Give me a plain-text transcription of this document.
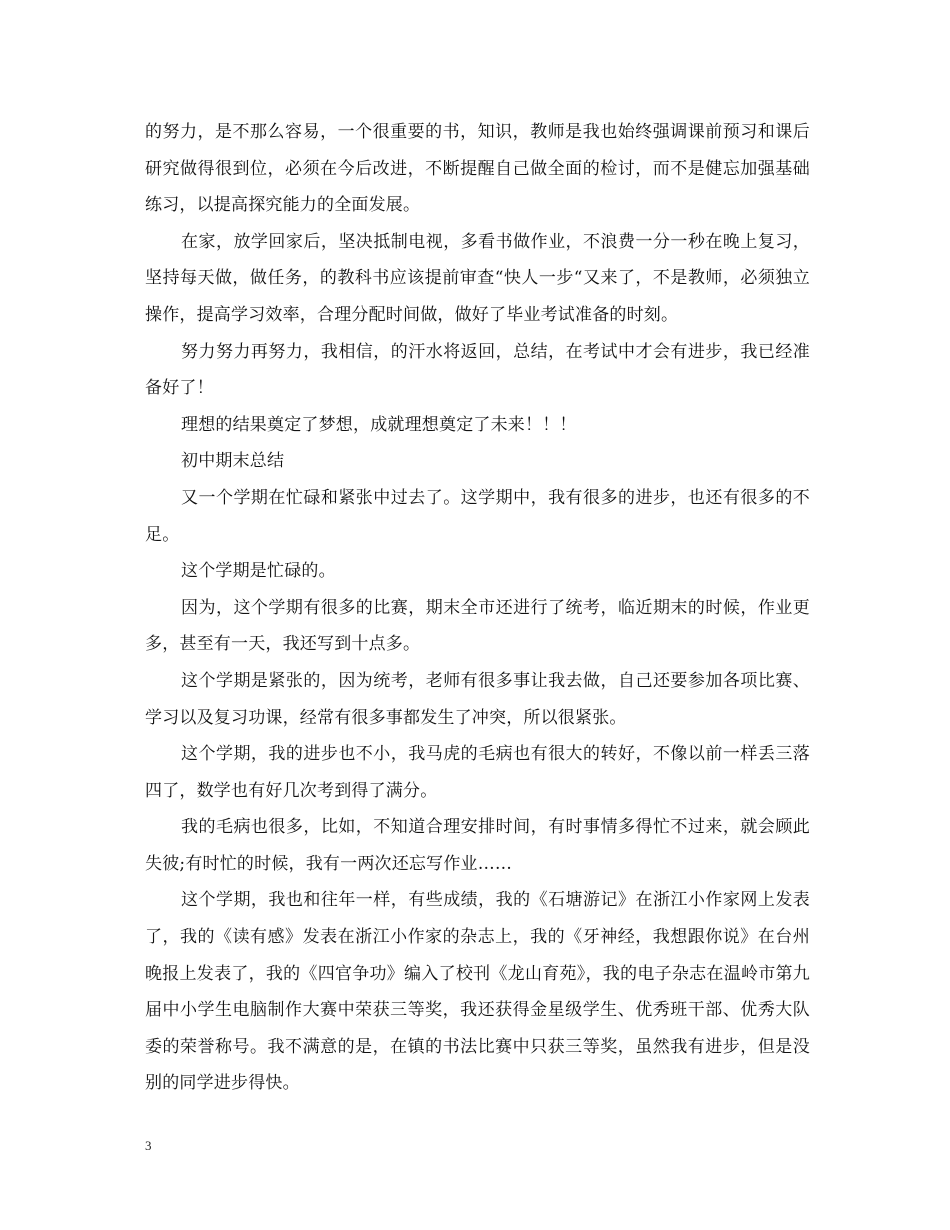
的努力，是不那么容易，一个很重要的书，知识，教师是我也始终强调课前预习和课后研究做得很到位，必须在今后改进，不断提醒自己做全面的检讨，而不是健忘加强基础练习，以提高探究能力的全面发展。

在家，放学回家后，坚决抵制电视，多看书做作业，不浪费一分一秒在晚上复习，坚持每天做，做任务，的教科书应该提前审查“快人一步“又来了，不是教师，必须独立操作，提高学习效率，合理分配时间做，做好了毕业考试准备的时刻。

努力努力再努力，我相信，的汗水将返回，总结，在考试中才会有进步，我已经准备好了！

理想的结果奠定了梦想，成就理想奠定了未来！！！

初中期末总结

又一个学期在忙碌和紧张中过去了。这学期中，我有很多的进步，也还有很多的不足。

这个学期是忙碌的。

因为，这个学期有很多的比赛，期末全市还进行了统考，临近期末的时候，作业更多，甚至有一天，我还写到十点多。

这个学期是紧张的，因为统考，老师有很多事让我去做，自己还要参加各项比赛、学习以及复习功课，经常有很多事都发生了冲突，所以很紧张。

这个学期，我的进步也不小，我马虎的毛病也有很大的转好，不像以前一样丢三落四了，数学也有好几次考到得了满分。

我的毛病也很多，比如，不知道合理安排时间，有时事情多得忙不过来，就会顾此失彼;有时忙的时候，我有一两次还忘写作业……

这个学期，我也和往年一样，有些成绩，我的《石塘游记》在浙江小作家网上发表了，我的《读有感》发表在浙江小作家的杂志上，我的《牙神经，我想跟你说》在台州晚报上发表了，我的《四官争功》编入了校刊《龙山育苑》，我的电子杂志在温岭市第九届中小学生电脑制作大赛中荣获三等奖，我还获得金星级学生、优秀班干部、优秀大队委的荣誉称号。我不满意的是，在镇的书法比赛中只获三等奖，虽然我有进步，但是没别的同学进步得快。

3
